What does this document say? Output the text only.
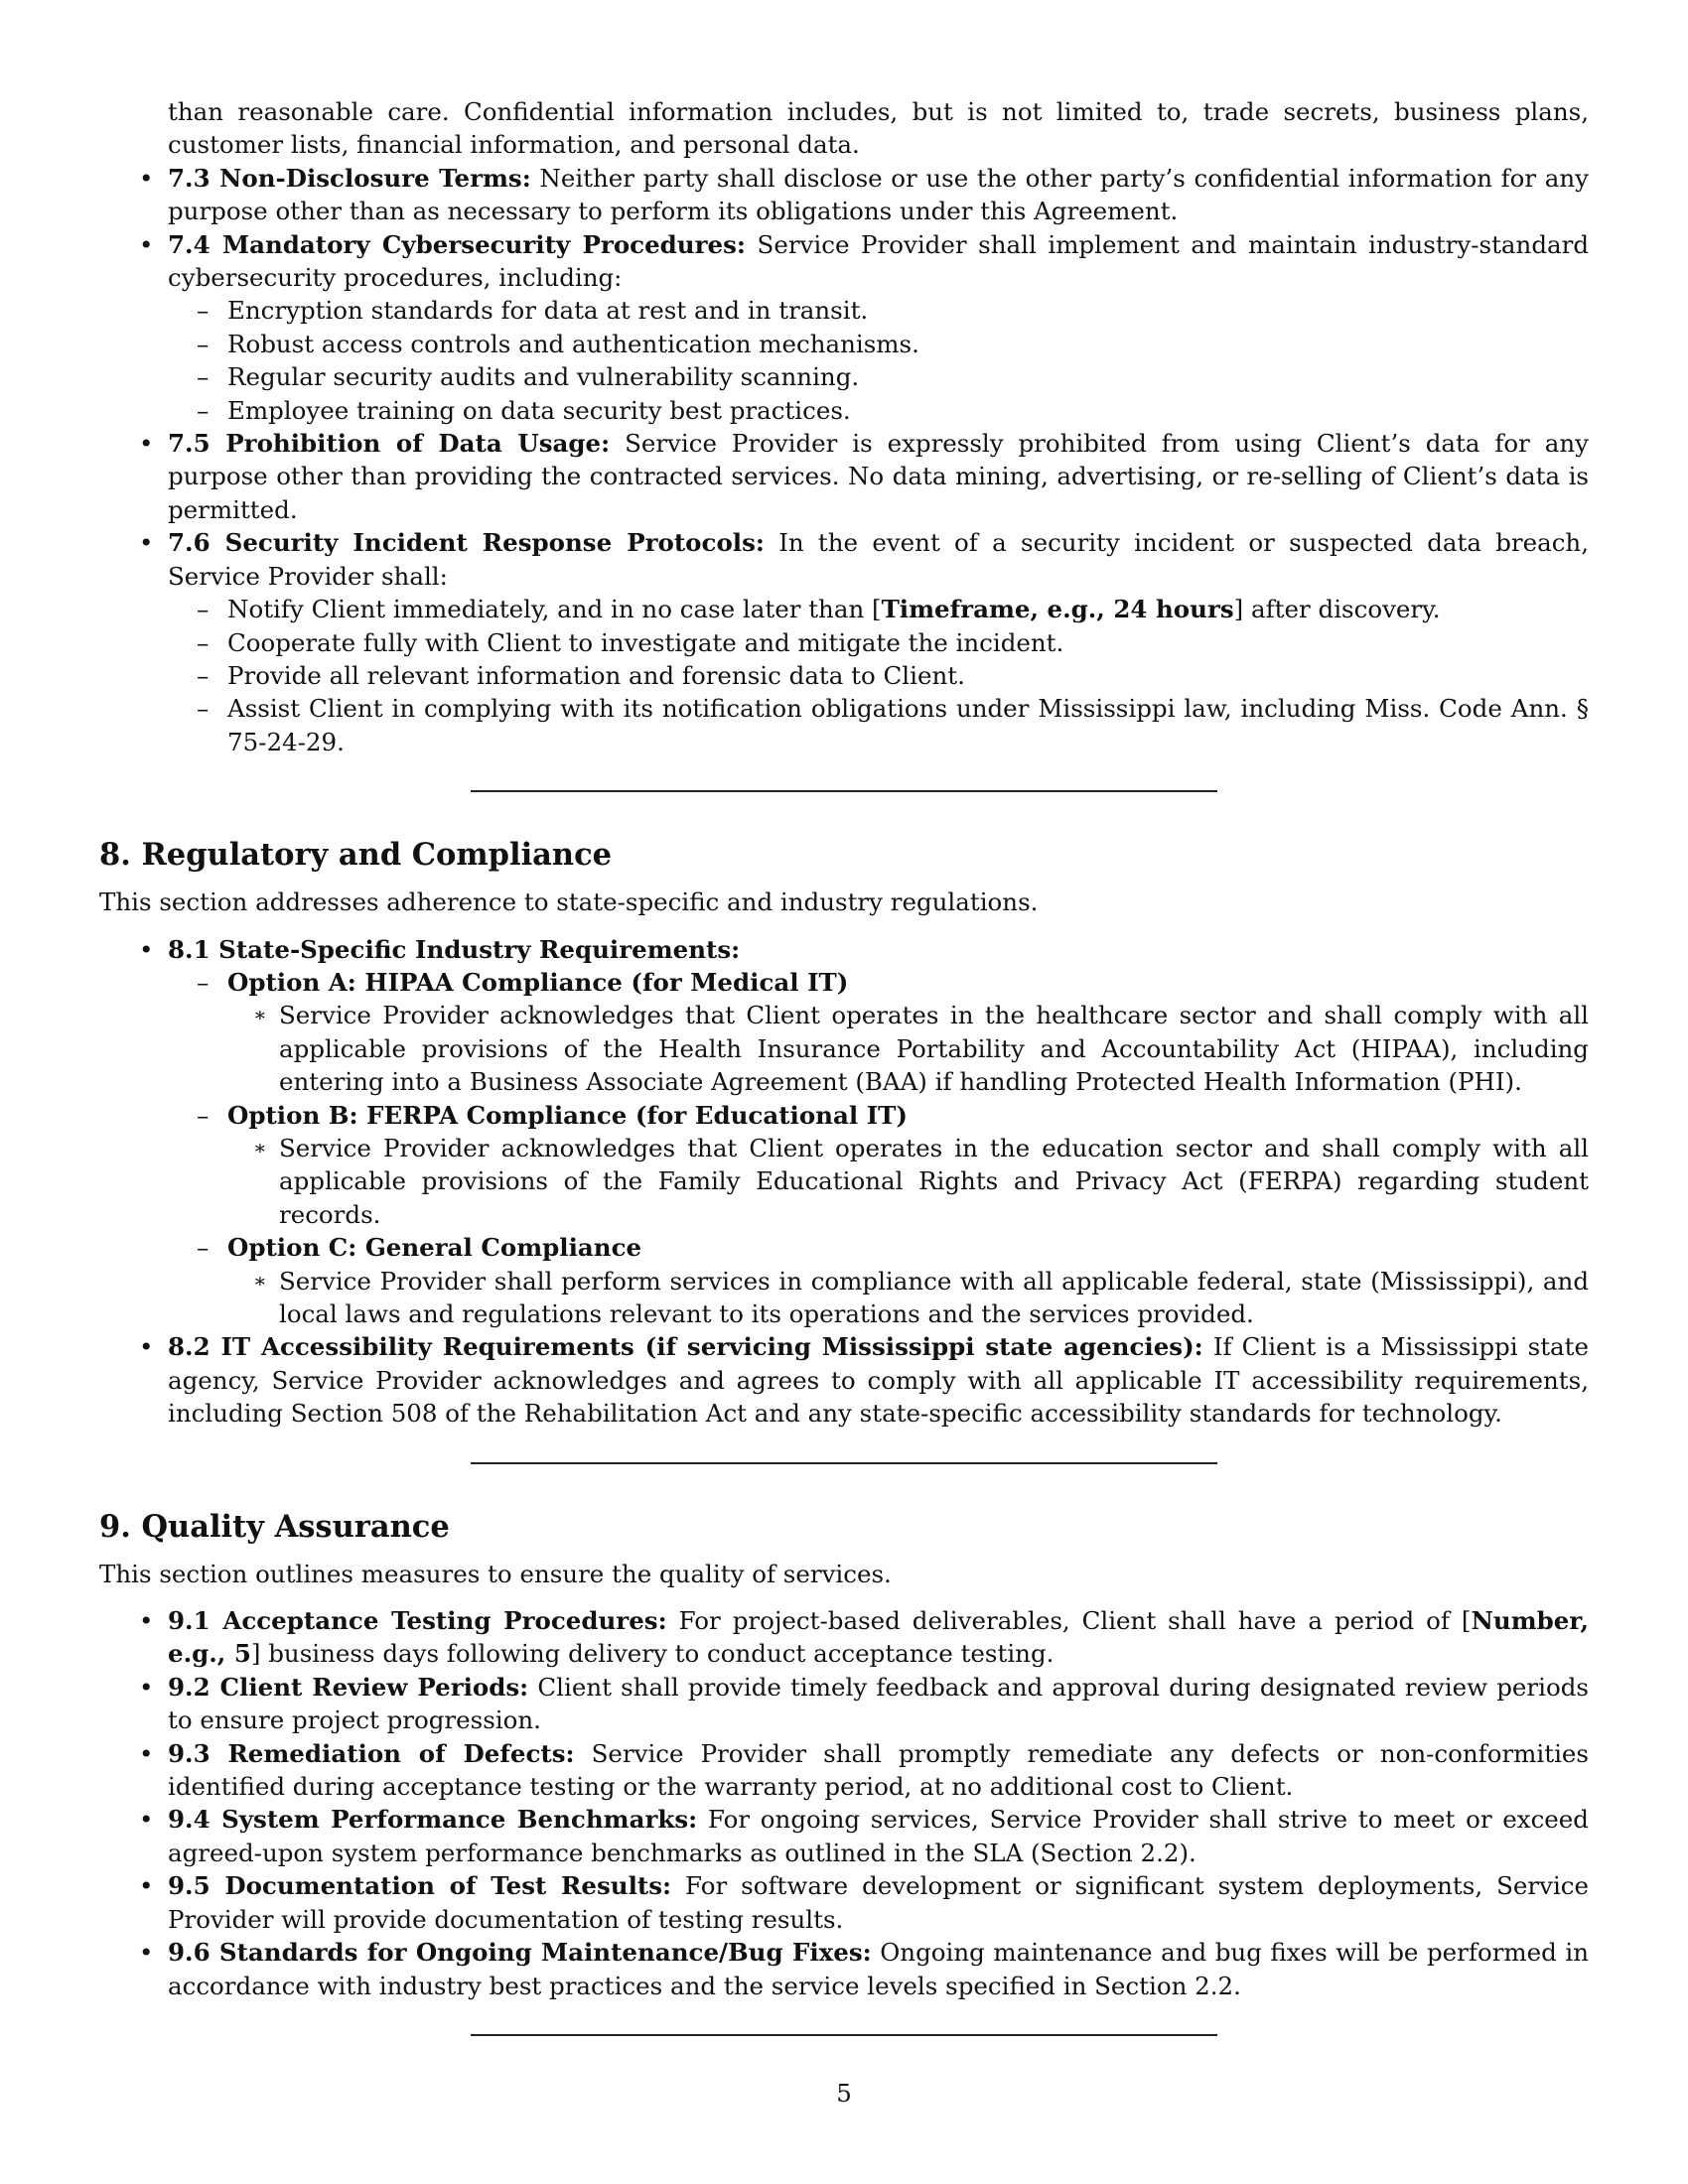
than reasonable care. Confidential information includes, but is not limited to, trade secrets, business plans, customer lists, financial information, and personal data.
• 7.3 Non-Disclosure Terms: Neither party shall disclose or use the other party’s confidential information for any purpose other than as necessary to perform its obligations under this Agreement.
• 7.4 Mandatory Cybersecurity Procedures: Service Provider shall implement and maintain industry-standard cybersecurity procedures, including:
– Encryption standards for data at rest and in transit.
– Robust access controls and authentication mechanisms.
– Regular security audits and vulnerability scanning.
– Employee training on data security best practices.
• 7.5 Prohibition of Data Usage: Service Provider is expressly prohibited from using Client’s data for any purpose other than providing the contracted services. No data mining, advertising, or re-selling of Client’s data is permitted.
• 7.6 Security Incident Response Protocols: In the event of a security incident or suspected data breach, Service Provider shall:
– Notify Client immediately, and in no case later than [Timeframe, e.g., 24 hours] after discovery.
– Cooperate fully with Client to investigate and mitigate the incident.
– Provide all relevant information and forensic data to Client.
– Assist Client in complying with its notification obligations under Mississippi law, including Miss. Code Ann. § 75-24-29.
8. Regulatory and Compliance
This section addresses adherence to state-specific and industry regulations.
• 8.1 State-Specific Industry Requirements:
– Option A: HIPAA Compliance (for Medical IT)
∗ Service Provider acknowledges that Client operates in the healthcare sector and shall comply with all applicable provisions of the Health Insurance Portability and Accountability Act (HIPAA), including entering into a Business Associate Agreement (BAA) if handling Protected Health Information (PHI).
– Option B: FERPA Compliance (for Educational IT)
∗ Service Provider acknowledges that Client operates in the education sector and shall comply with all applicable provisions of the Family Educational Rights and Privacy Act (FERPA) regarding student records.
– Option C: General Compliance
∗ Service Provider shall perform services in compliance with all applicable federal, state (Mississippi), and local laws and regulations relevant to its operations and the services provided.
• 8.2 IT Accessibility Requirements (if servicing Mississippi state agencies): If Client is a Mississippi state agency, Service Provider acknowledges and agrees to comply with all applicable IT accessibility requirements, including Section 508 of the Rehabilitation Act and any state-specific accessibility standards for technology.
9. Quality Assurance
This section outlines measures to ensure the quality of services.
• 9.1 Acceptance Testing Procedures: For project-based deliverables, Client shall have a period of [Number, e.g., 5] business days following delivery to conduct acceptance testing.
• 9.2 Client Review Periods: Client shall provide timely feedback and approval during designated review periods to ensure project progression.
• 9.3 Remediation of Defects: Service Provider shall promptly remediate any defects or non-conformities identified during acceptance testing or the warranty period, at no additional cost to Client.
• 9.4 System Performance Benchmarks: For ongoing services, Service Provider shall strive to meet or exceed agreed-upon system performance benchmarks as outlined in the SLA (Section 2.2).
• 9.5 Documentation of Test Results: For software development or significant system deployments, Service Provider will provide documentation of testing results.
• 9.6 Standards for Ongoing Maintenance/Bug Fixes: Ongoing maintenance and bug fixes will be performed in accordance with industry best practices and the service levels specified in Section 2.2.
5
